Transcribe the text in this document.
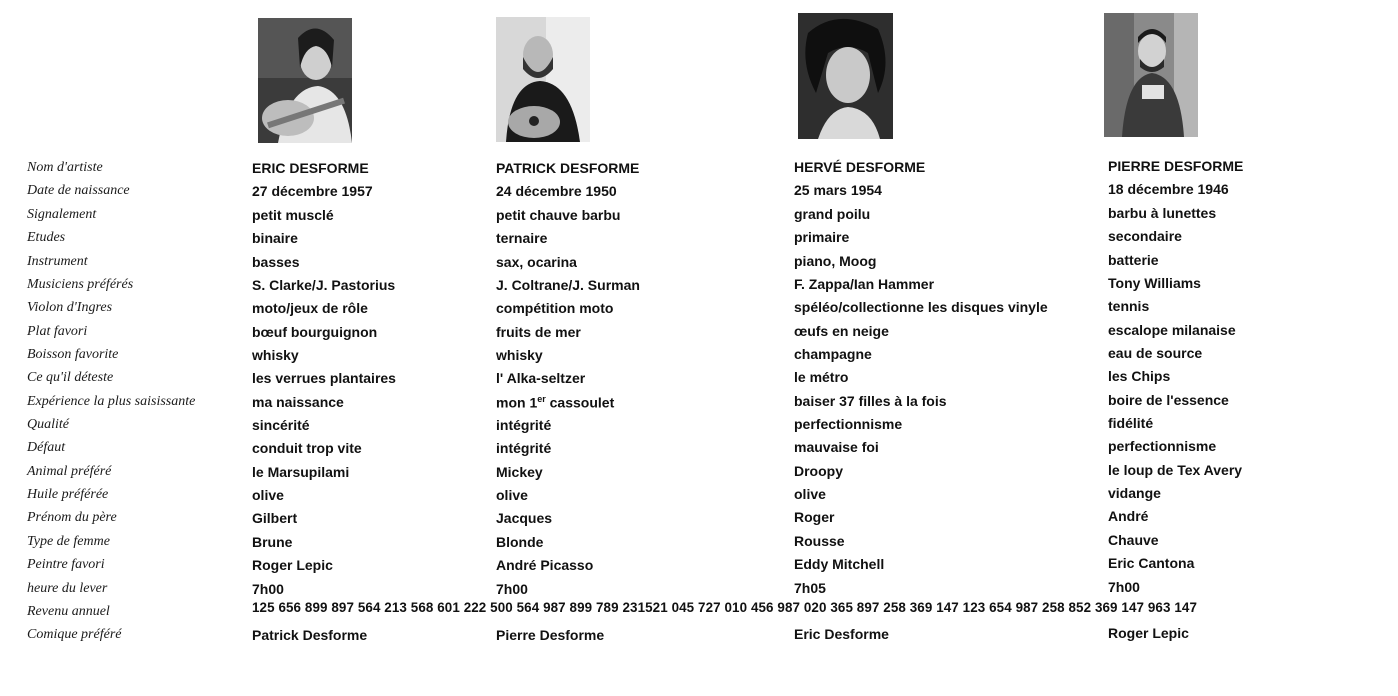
Nom d'artiste
Date de naissance
Signalement
Etudes
Instrument
Musiciens préférés
Violon d'Ingres
Plat favori
Boisson favorite
Ce qu'il déteste
Expérience la plus saisissante
Qualité
Défaut
Animal préféré
Huile préférée
Prénom du père
Type de femme
Peintre favori
heure du lever
Revenu annuel
Comique préféré
ERIC DESFORME
27 décembre 1957
petit musclé
binaire
basses
S. Clarke/J. Pastorius
moto/jeux de rôle
bœuf bourguignon
whisky
les verrues plantaires
ma naissance
sincérité
conduit trop vite
le Marsupilami
olive
Gilbert
Brune
Roger Lepic
7h00
Patrick Desforme
PATRICK DESFORME
24 décembre 1950
petit chauve barbu
ternaire
sax, ocarina
J. Coltrane/J. Surman
compétition moto
fruits de mer
whisky
l' Alka-seltzer
mon 1er cassoulet
intégrité
intégrité
Mickey
olive
Jacques
Blonde
André Picasso
7h00
Pierre Desforme
HERVÉ DESFORME
25 mars 1954
grand poilu
primaire
piano, Moog
F. Zappa/Ian Hammer
spéléo/collectionne les disques vinyle
œufs en neige
champagne
le métro
baiser 37 filles à la fois
perfectionnisme
mauvaise foi
Droopy
olive
Roger
Rousse
Eddy Mitchell
7h05
Eric Desforme
PIERRE DESFORME
18 décembre 1946
barbu à lunettes
secondaire
batterie
Tony Williams
tennis
escalope milanaise
eau de source
les Chips
boire de l'essence
fidélité
perfectionnisme
le loup de Tex Avery
vidange
André
Chauve
Eric Cantona
7h00
Roger Lepic
125 656 899 897 564 213 568 601 222 500 564 987 899 789 231521 045 727 010 456 987 020 365 897 258 369 147 123 654 987 258 852 369 147 963 147
